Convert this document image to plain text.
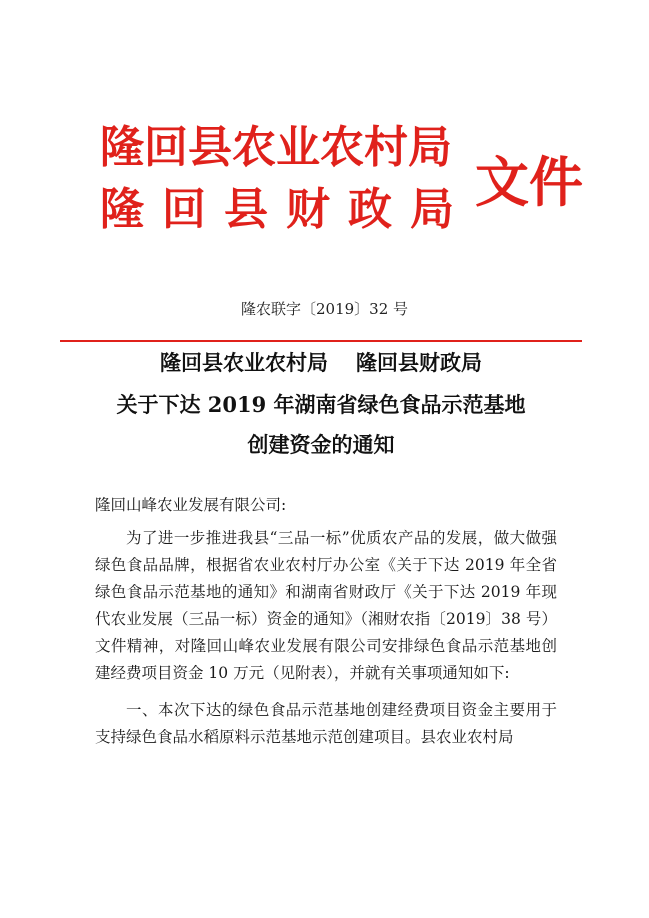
隆回县农业农村局
隆回县财政局 文件
隆农联字〔2019〕32 号
隆回县农业农村局 隆回县财政局
关于下达 2019 年湖南省绿色食品示范基地
创建资金的通知

隆回山峰农业发展有限公司:

为了进一步推进我县“三品一标”优质农产品的发展，做大做强绿色食品品牌，根据省农业农村厅办公室《关于下达 2019 年全省绿色食品示范基地的通知》和湖南省财政厅《关于下达 2019 年现代农业发展（三品一标）资金的通知》（湘财农指〔2019〕38 号）文件精神，对隆回山峰农业发展有限公司安排绿色食品示范基地创建经费项目资金 10 万元（见附表），并就有关事项通知如下:

一、本次下达的绿色食品示范基地创建经费项目资金主要用于支持绿色食品水稻原料示范基地示范创建项目。县农业农村局
